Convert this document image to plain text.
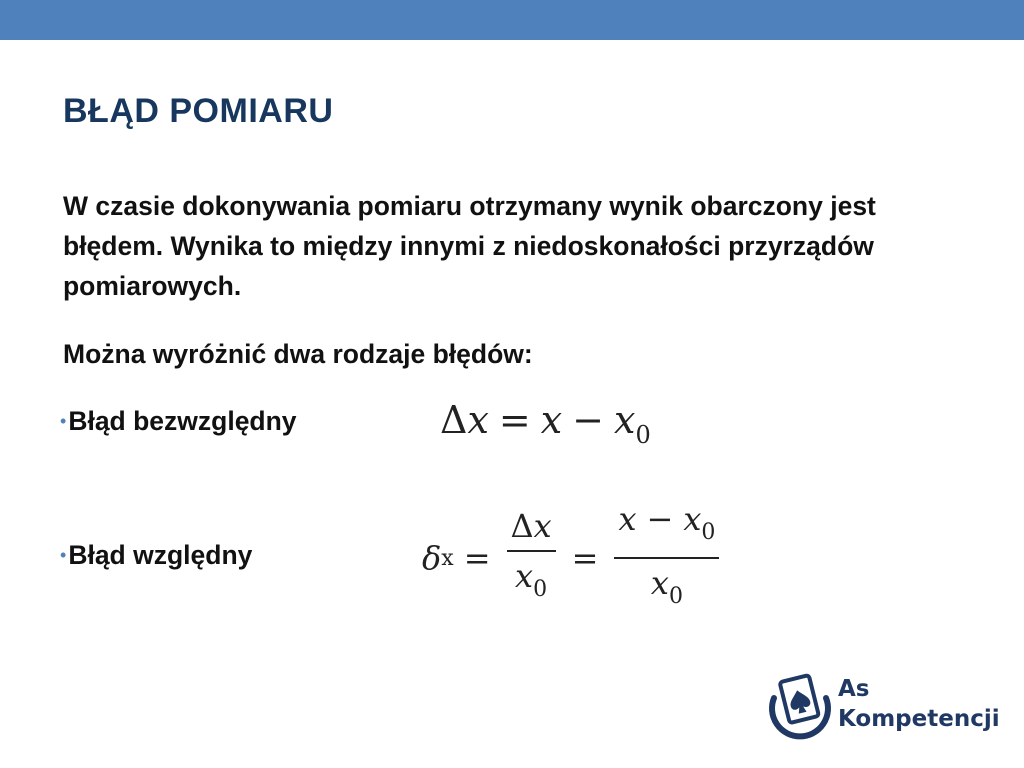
BŁĄD POMIARU

W czasie dokonywania pomiaru otrzymany wynik obarczony jest błędem. Wynika to między innymi z niedoskonałości przyrządów pomiarowych.

Można wyróżnić dwa rodzaje błędów:

•Błąd bezwzględny	$\Delta x = x - x_0$
•Błąd względny	δ $x = \frac{\Delta x}{x_0} = \frac{x - x_0}{x_0}$
As
Kompetencji
